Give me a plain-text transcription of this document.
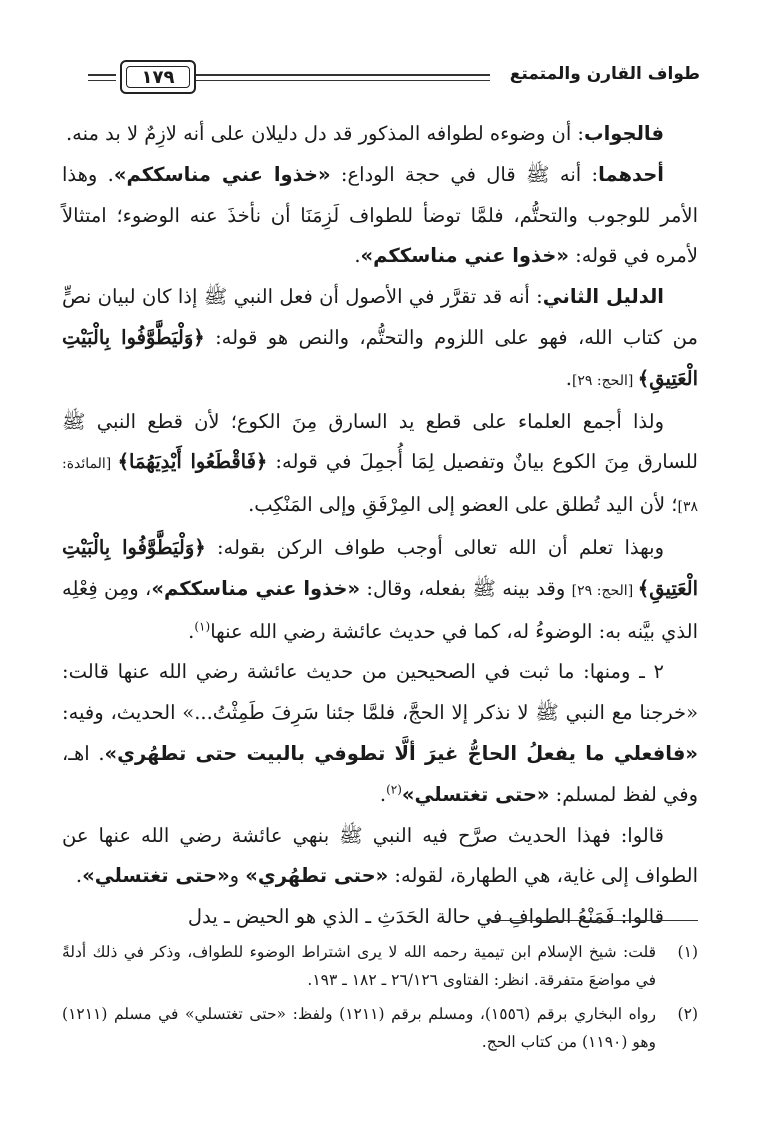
طواف القارن والمتمتع
١٧٩

فالجواب: أن وضوءه لطوافه المذكور قد دل دليلان على أنه لازِمٌ لا بد منه.

أحدهما: أنه ﷺ قال في حجة الوداع: «خذوا عني مناسككم». وهذا الأمر للوجوب والتحتُّم، فلمَّا توضأ للطواف لَزِمَنَا أن نأخذَ عنه الوضوء؛ امتثالاً لأمره في قوله: «خذوا عني مناسككم».

الدليل الثاني: أنه قد تقرَّر في الأصول أن فعل النبي ﷺ إذا كان لبيان نصٍّ من كتاب الله، فهو على اللزوم والتحتُّم، والنص هو قوله: ﴿وَلْيَطَّوَّفُوا بِالْبَيْتِ الْعَتِيقِ﴾ [الحج: ٢٩].

ولذا أجمع العلماء على قطع يد السارق مِنَ الكوع؛ لأن قطع النبي ﷺ للسارق مِنَ الكوع بيانٌ وتفصيل لِمَا أُجمِلَ في قوله: ﴿فَاقْطَعُوا أَيْدِيَهُمَا﴾ [المائدة: ٣٨]؛ لأن اليد تُطلق على العضو إلى المِرْفَقِ وإلى المَنْكِب.

وبهذا تعلم أن الله تعالى أوجب طواف الركن بقوله: ﴿وَلْيَطَّوَّفُوا بِالْبَيْتِ الْعَتِيقِ﴾ [الحج: ٢٩] وقد بينه ﷺ بفعله، وقال: «خذوا عني مناسككم»، ومِن فِعْلِه الذي بيَّنه به: الوضوءُ له، كما في حديث عائشة رضي الله عنها$^{(١)}$.

٢ ـ ومنها: ما ثبت في الصحيحين من حديث عائشة رضي الله عنها قالت: «خرجنا مع النبي ﷺ لا نذكر إلا الحجَّ، فلمَّا جئنا سَرِفَ طَمِثْتُ...» الحديث، وفيه: «فافعلي ما يفعلُ الحاجُّ غيرَ ألَّا تطوفي بالبيت حتى تطهُري». اهـ، وفي لفظ لمسلم: «حتى تغتسلي»$^{(٢)}$.

قالوا: فهذا الحديث صرَّح فيه النبي ﷺ بنهي عائشة رضي الله عنها عن الطواف إلى غاية، هي الطهارة، لقوله: «حتى تطهُري» و«حتى تغتسلي».

قالوا: فَمَنْعُ الطوافِ في حالة الحَدَثِ ـ الذي هو الحيض ـ يدل

(١)
قلت: شيخ الإسلام ابن تيمية رحمه الله لا يرى اشتراط الوضوء للطواف، وذكر في ذلك أدلةً في مواضعَ متفرقة. انظر: الفتاوى ٢٦/١٢٦ ـ ١٨٢ ـ ١٩٣.
(٢)
رواه البخاري برقم (١٥٥٦)، ومسلم برقم (١٢١١) ولفظ: «حتى تغتسلي» في مسلم (١٢١١) وهو (١١٩٠) من كتاب الحج.
